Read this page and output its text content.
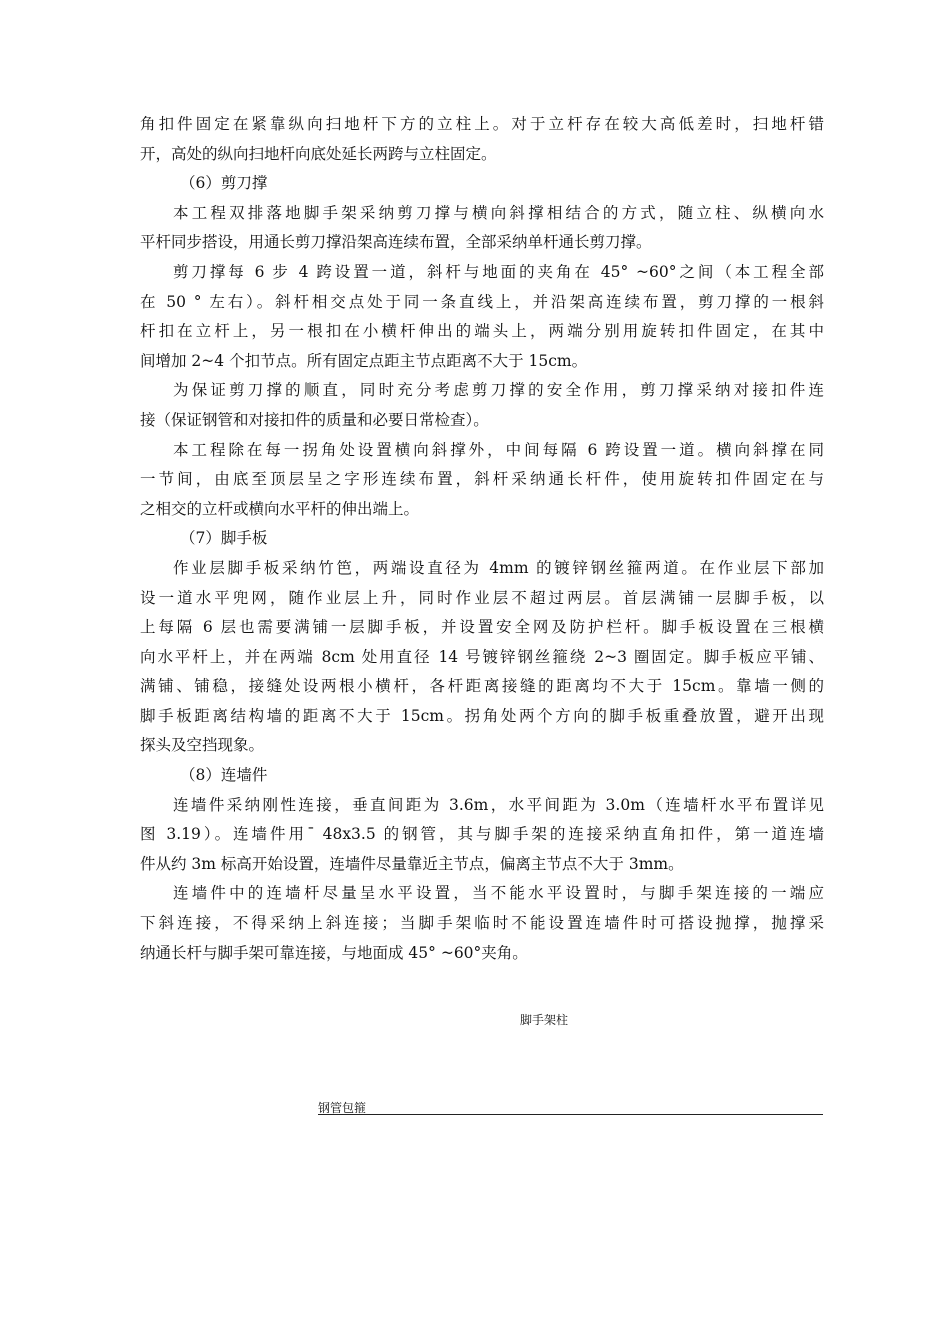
角扣件固定在紧靠纵向扫地杆下方的立柱上。对于立杆存在较大高低差时，扫地杆错
开，高处的纵向扫地杆向底处延长两跨与立柱固定。
（6）剪刀撑
本工程双排落地脚手架采纳剪刀撑与横向斜撑相结合的方式，随立柱、纵横向水
平杆同步搭设，用通长剪刀撑沿架高连续布置，全部采纳单杆通长剪刀撑。
剪刀撑每 6 步 4 跨设置一道，斜杆与地面的夹角在 45° ~60°之间（本工程全部
在 50 ° 左右）。斜杆相交点处于同一条直线上，并沿架高连续布置，剪刀撑的一根斜
杆扣在立杆上，另一根扣在小横杆伸出的端头上，两端分别用旋转扣件固定，在其中
间增加 2~4 个扣节点。所有固定点距主节点距离不大于 15cm。
为保证剪刀撑的顺直，同时充分考虑剪刀撑的安全作用，剪刀撑采纳对接扣件连
接（保证钢管和对接扣件的质量和必要日常检查）。
本工程除在每一拐角处设置横向斜撑外，中间每隔 6 跨设置一道。横向斜撑在同
一节间，由底至顶层呈之字形连续布置，斜杆采纳通长杆件，使用旋转扣件固定在与
之相交的立杆或横向水平杆的伸出端上。
（7）脚手板
作业层脚手板采纳竹笆，两端设直径为 4mm 的镀锌钢丝箍两道。在作业层下部加
设一道水平兜网，随作业层上升，同时作业层不超过两层。首层满铺一层脚手板，以
上每隔 6 层也需要满铺一层脚手板，并设置安全网及防护栏杆。脚手板设置在三根横
向水平杆上，并在两端 8cm 处用直径 14 号镀锌钢丝箍绕 2~3 圈固定。脚手板应平铺、
满铺、铺稳，接缝处设两根小横杆，各杆距离接缝的距离均不大于 15cm。靠墙一侧的
脚手板距离结构墙的距离不大于 15cm。拐角处两个方向的脚手板重叠放置，避开出现
探头及空挡现象。
（8）连墙件
连墙件采纳刚性连接，垂直间距为 3.6m，水平间距为 3.0m（连墙杆水平布置详见
图 3.19）。连墙件用ˉ 48x3.5 的钢管，其与脚手架的连接采纳直角扣件，第一道连墙
件从约 3m 标高开始设置，连墙件尽量靠近主节点，偏离主节点不大于 3mm。
连墙件中的连墙杆尽量呈水平设置，当不能水平设置时，与脚手架连接的一端应
下斜连接，不得采纳上斜连接；当脚手架临时不能设置连墙件时可搭设抛撑，抛撑采
纳通长杆与脚手架可靠连接，与地面成 45° ~60°夹角。
脚手架柱
钢管包箍
